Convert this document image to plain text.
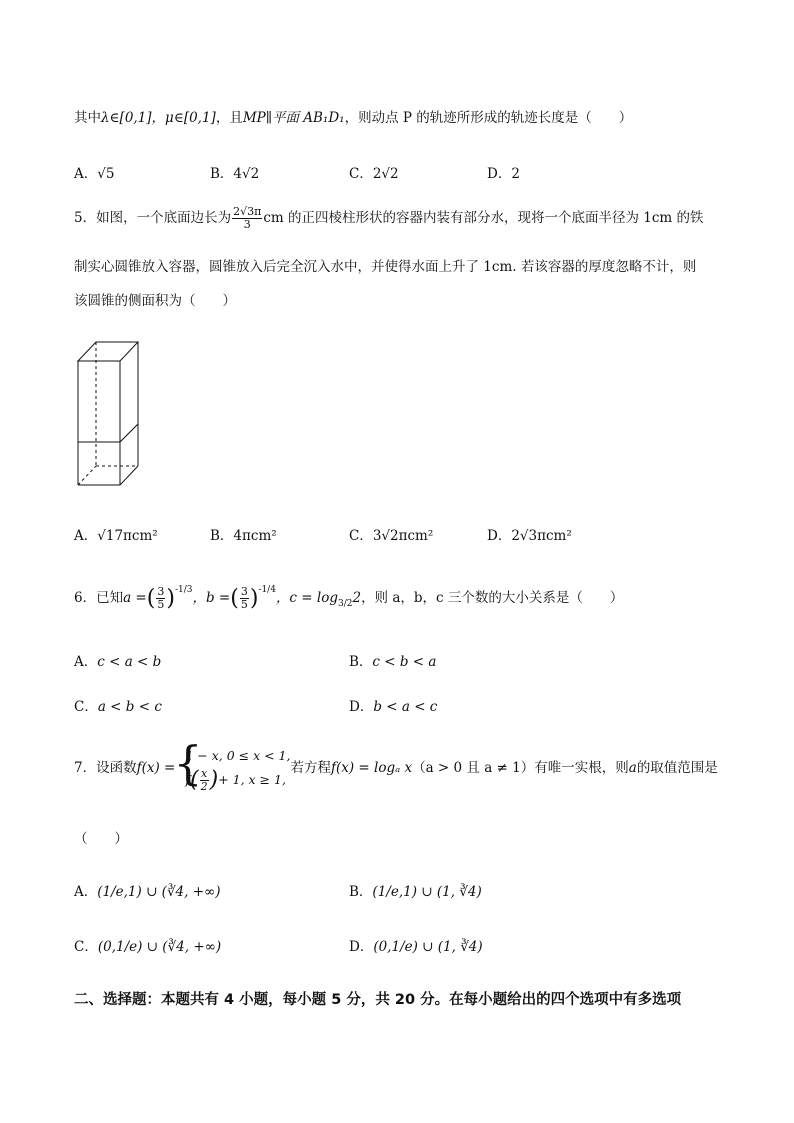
其中λ∈[0,1]，μ∈[0,1]，且MP∥平面 AB₁D₁，则动点 P 的轨迹所形成的轨迹长度是（　　）
A．√5	B．4√2	C．2√2	D．2
5．如图，一个底面边长为 $\frac{2√3\pi}{3}$ cm 的正四棱柱形状的容器内装有部分水，现将一个底面半径为 1cm 的铁
制实心圆锥放入容器，圆锥放入后完全沉入水中，并使得水面上升了 1cm. 若该容器的厚度忽略不计，则
该圆锥的侧面积为（　　）
A．√17πcm²	B．4πcm²	C．3√2πcm²	D．2√3πcm²
6．已知a =( $\frac{3}{5} )^{-1/3}$，b =( $\frac{3}{5} )^{-1/4}$，$c = \log_{3/2}2$，则 a，b，c 三个数的大小关系是（　　）
A．c < a < b	B．c < b < a
C．a < b < c	D．b < a < c
7．设函数f(x) =
{ 1 − x, 0 ≤ x < 1,
$f( \frac{x}{2}$ )+ 1, x ≥ 1,
若方程f(x) = logₐ x（a > 0 且 a ≠ 1）有唯一实根，则a的取值范围是
（　　）
A．(1/e,1) ∪ (∛4, +∞)	B．(1/e,1) ∪ (1, ∛4)
C．(0,1/e) ∪ (∛4, +∞)	D．(0,1/e) ∪ (1, ∛4)
二、选择题：本题共有 4 小题，每小题 5 分，共 20 分。在每小题给出的四个选项中有多选项
